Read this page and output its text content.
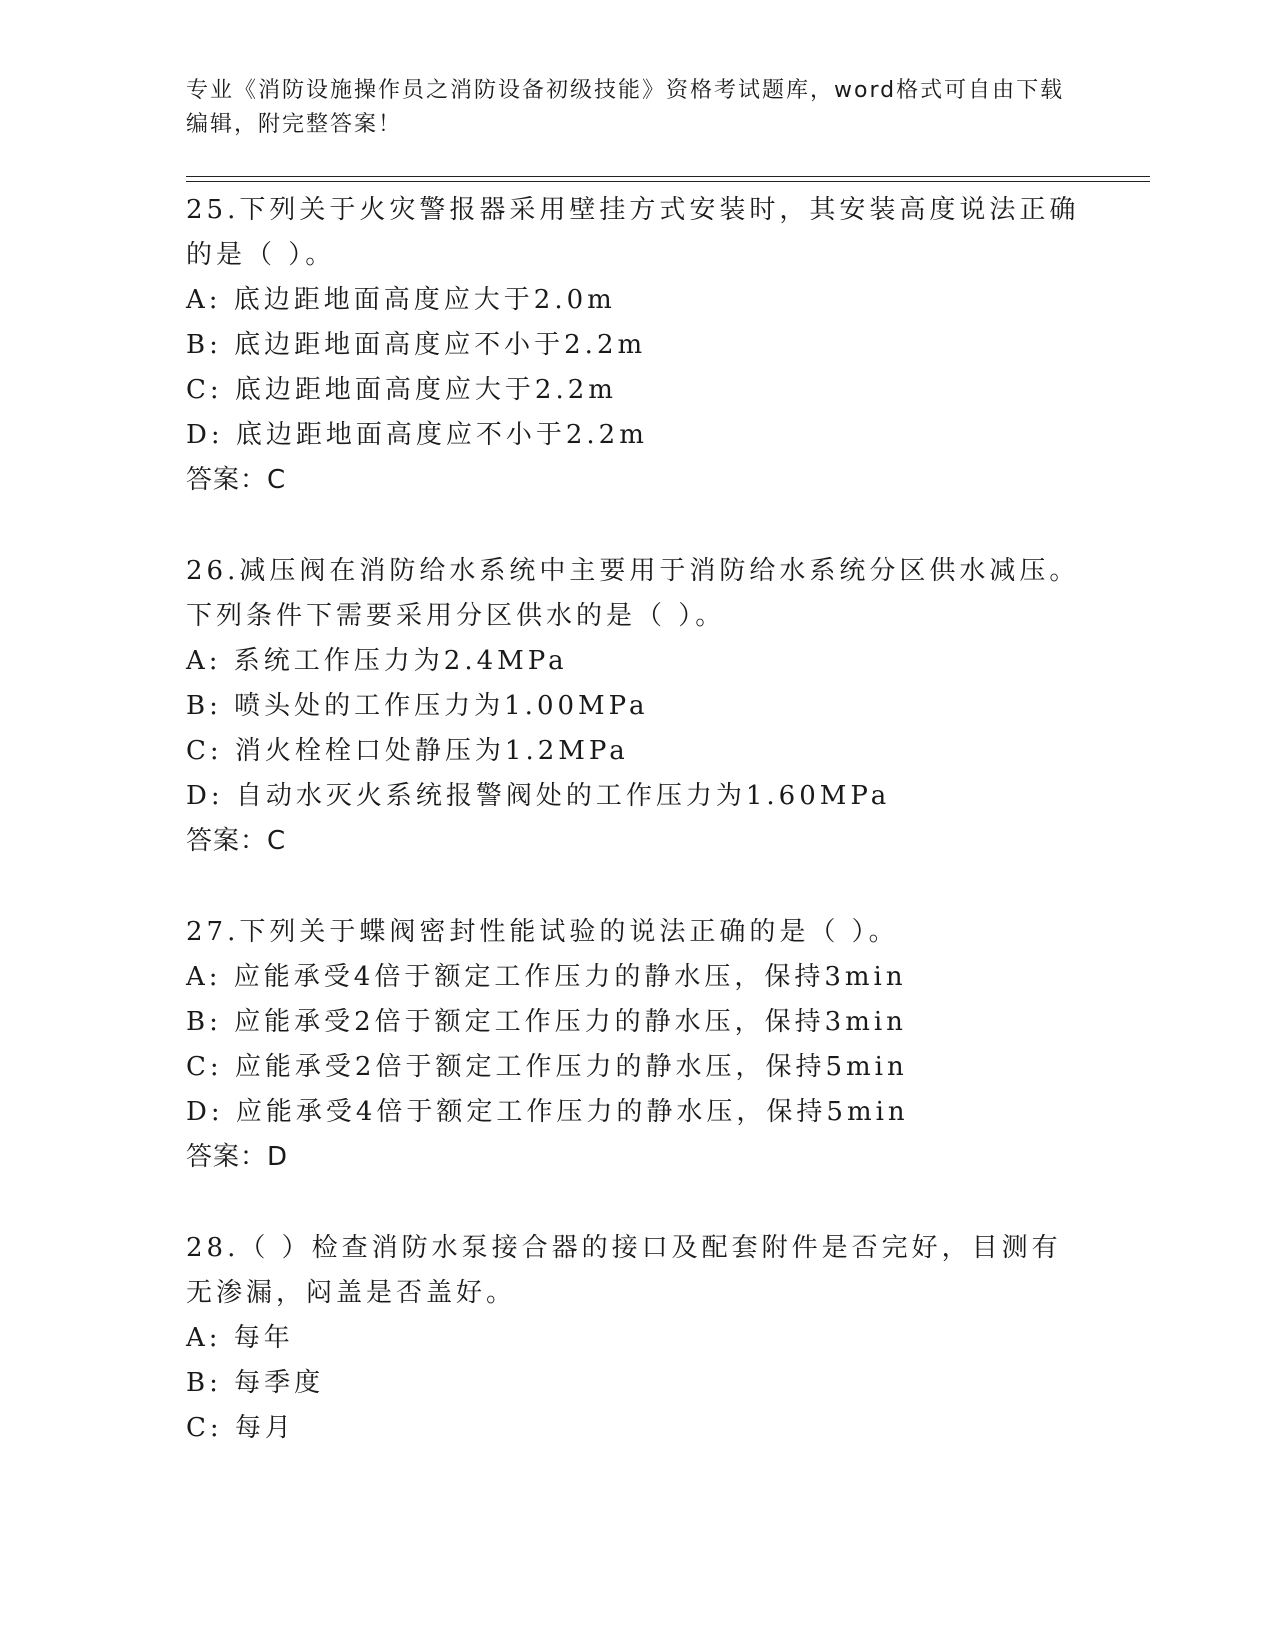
专业《消防设施操作员之消防设备初级技能》资格考试题库，word格式可自由下载编辑，附完整答案！

25.下列关于火灾警报器采用壁挂方式安装时，其安装高度说法正确的是（ ）。

A: 底边距地面高度应大于2.0m

B: 底边距地面高度应不小于2.2m

C: 底边距地面高度应大于2.2m

D: 底边距地面高度应不小于2.2m

答案：C

26.减压阀在消防给水系统中主要用于消防给水系统分区供水减压。下列条件下需要采用分区供水的是（ ）。

A: 系统工作压力为2.4MPa

B: 喷头处的工作压力为1.00MPa

C: 消火栓栓口处静压为1.2MPa

D: 自动水灭火系统报警阀处的工作压力为1.60MPa

答案：C

27.下列关于蝶阀密封性能试验的说法正确的是（ ）。

A: 应能承受4倍于额定工作压力的静水压，保持3min

B: 应能承受2倍于额定工作压力的静水压，保持3min

C: 应能承受2倍于额定工作压力的静水压，保持5min

D: 应能承受4倍于额定工作压力的静水压，保持5min

答案：D

28.（ ）检查消防水泵接合器的接口及配套附件是否完好，目测有无渗漏，闷盖是否盖好。

A: 每年

B: 每季度

C: 每月
